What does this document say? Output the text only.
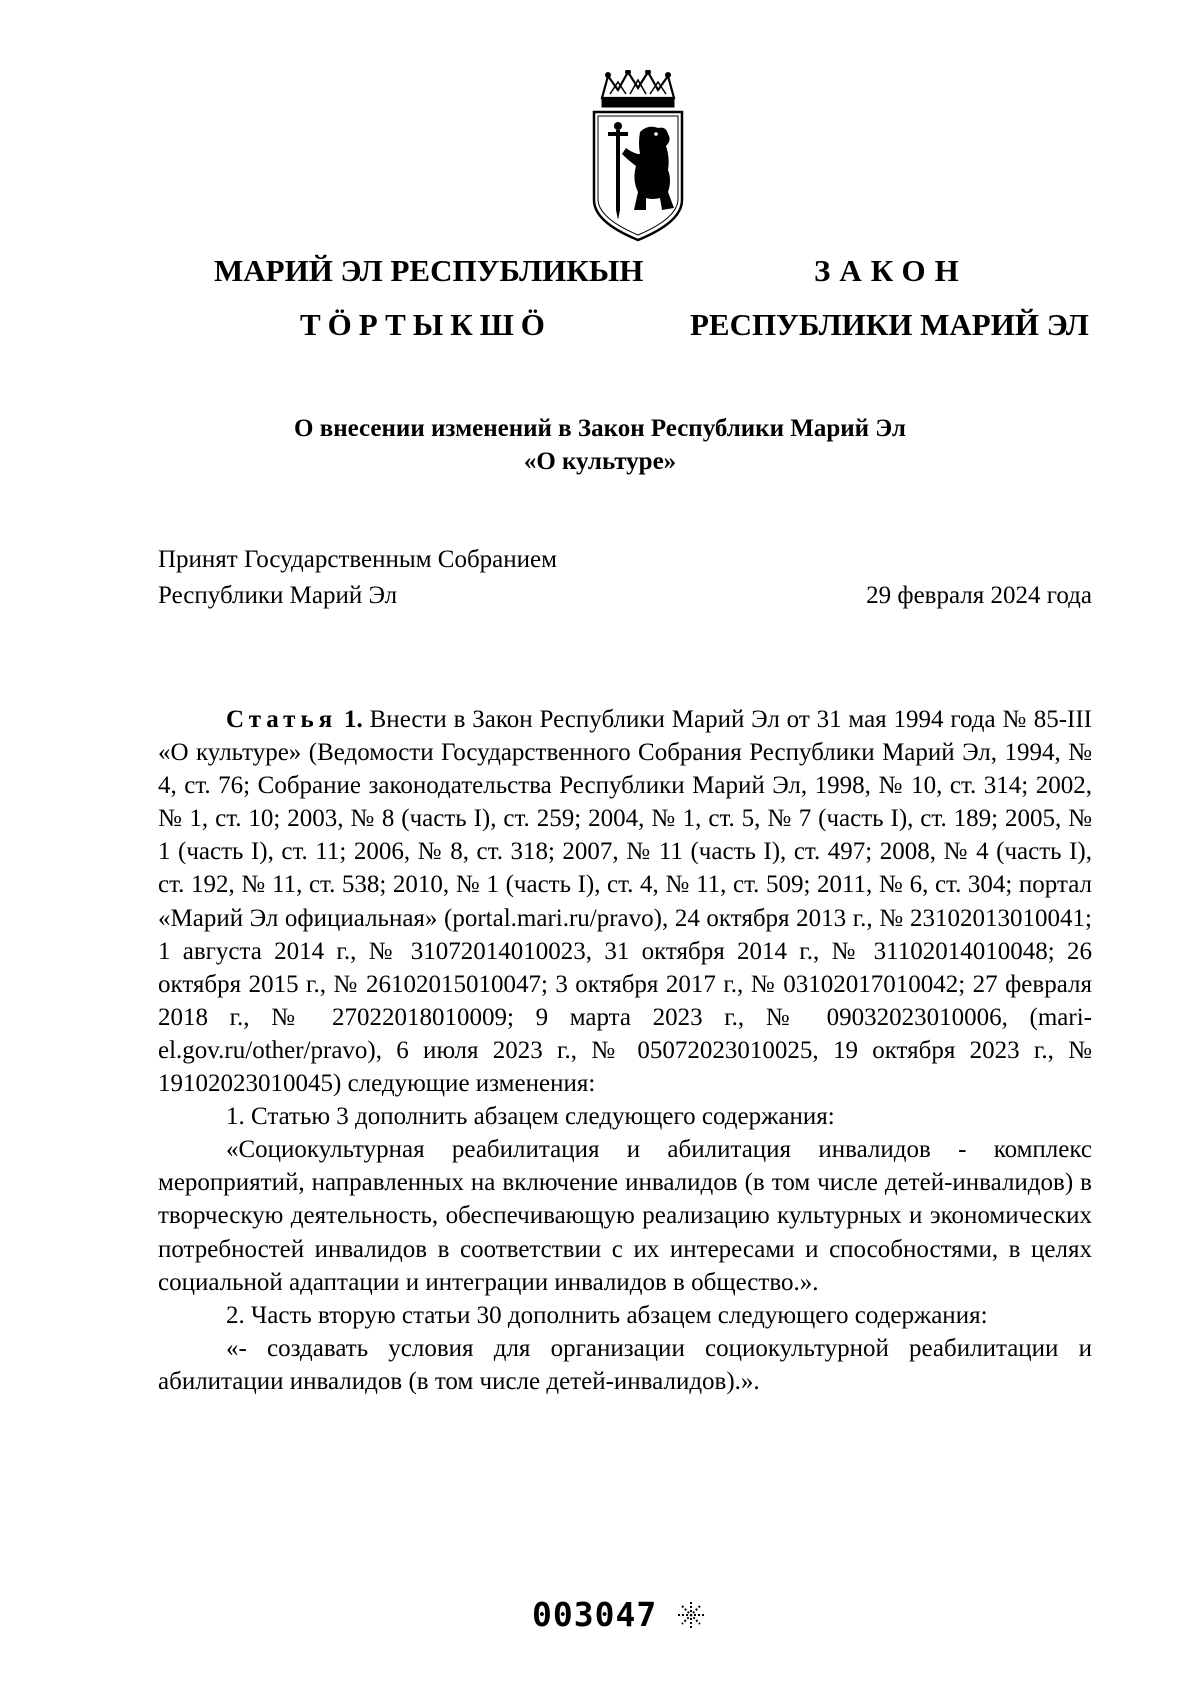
МАРИЙ ЭЛ РЕСПУБЛИКЫН
ТӦРТЫКШӦ
ЗАКОН
РЕСПУБЛИКИ МАРИЙ ЭЛ
О внесении изменений в Закон Республики Марий Эл
«О культуре»
Принят Государственным Собранием
Республики Марий Эл	29 февраля 2024 года

Статья 1. Внести в Закон Республики Марий Эл от 31 мая 1994 года № 85-III «О культуре» (Ведомости Государственного Собрания Республики Марий Эл, 1994, № 4, ст. 76; Собрание законодательства Республики Марий Эл, 1998, № 10, ст. 314; 2002, № 1, ст. 10; 2003, № 8 (часть I), ст. 259; 2004, № 1, ст. 5, № 7 (часть I), ст. 189; 2005, № 1 (часть I), ст. 11; 2006, № 8, ст. 318; 2007, № 11 (часть I), ст. 497; 2008, № 4 (часть I), ст. 192, № 11, ст. 538; 2010, № 1 (часть I), ст. 4, № 11, ст. 509; 2011, № 6, ст. 304; портал «Марий Эл официальная» (portal.mari.ru/pravo), 24 октября 2013 г., № 23102013010041; 1 августа 2014 г., № 31072014010023, 31 октября 2014 г., № 31102014010048; 26 октября 2015 г., № 26102015010047; 3 октября 2017 г., № 03102017010042; 27 февраля 2018 г., № 27022018010009; 9 марта 2023 г., № 09032023010006, (mari-el.gov.ru/other/pravo), 6 июля 2023 г., № 05072023010025, 19 октября 2023 г., № 19102023010045) следующие изменения:

1. Статью 3 дополнить абзацем следующего содержания:

«Социокультурная реабилитация и абилитация инвалидов - комплекс мероприятий, направленных на включение инвалидов (в том числе детей-инвалидов) в творческую деятельность, обеспечивающую реализацию культурных и экономических потребностей инвалидов в соответствии с их интересами и способностями, в целях социальной адаптации и интеграции инвалидов в общество.».

2. Часть вторую статьи 30 дополнить абзацем следующего содержания:

«- создавать условия для организации социокультурной реабилитации и абилитации инвалидов (в том числе детей-инвалидов).».

003047
